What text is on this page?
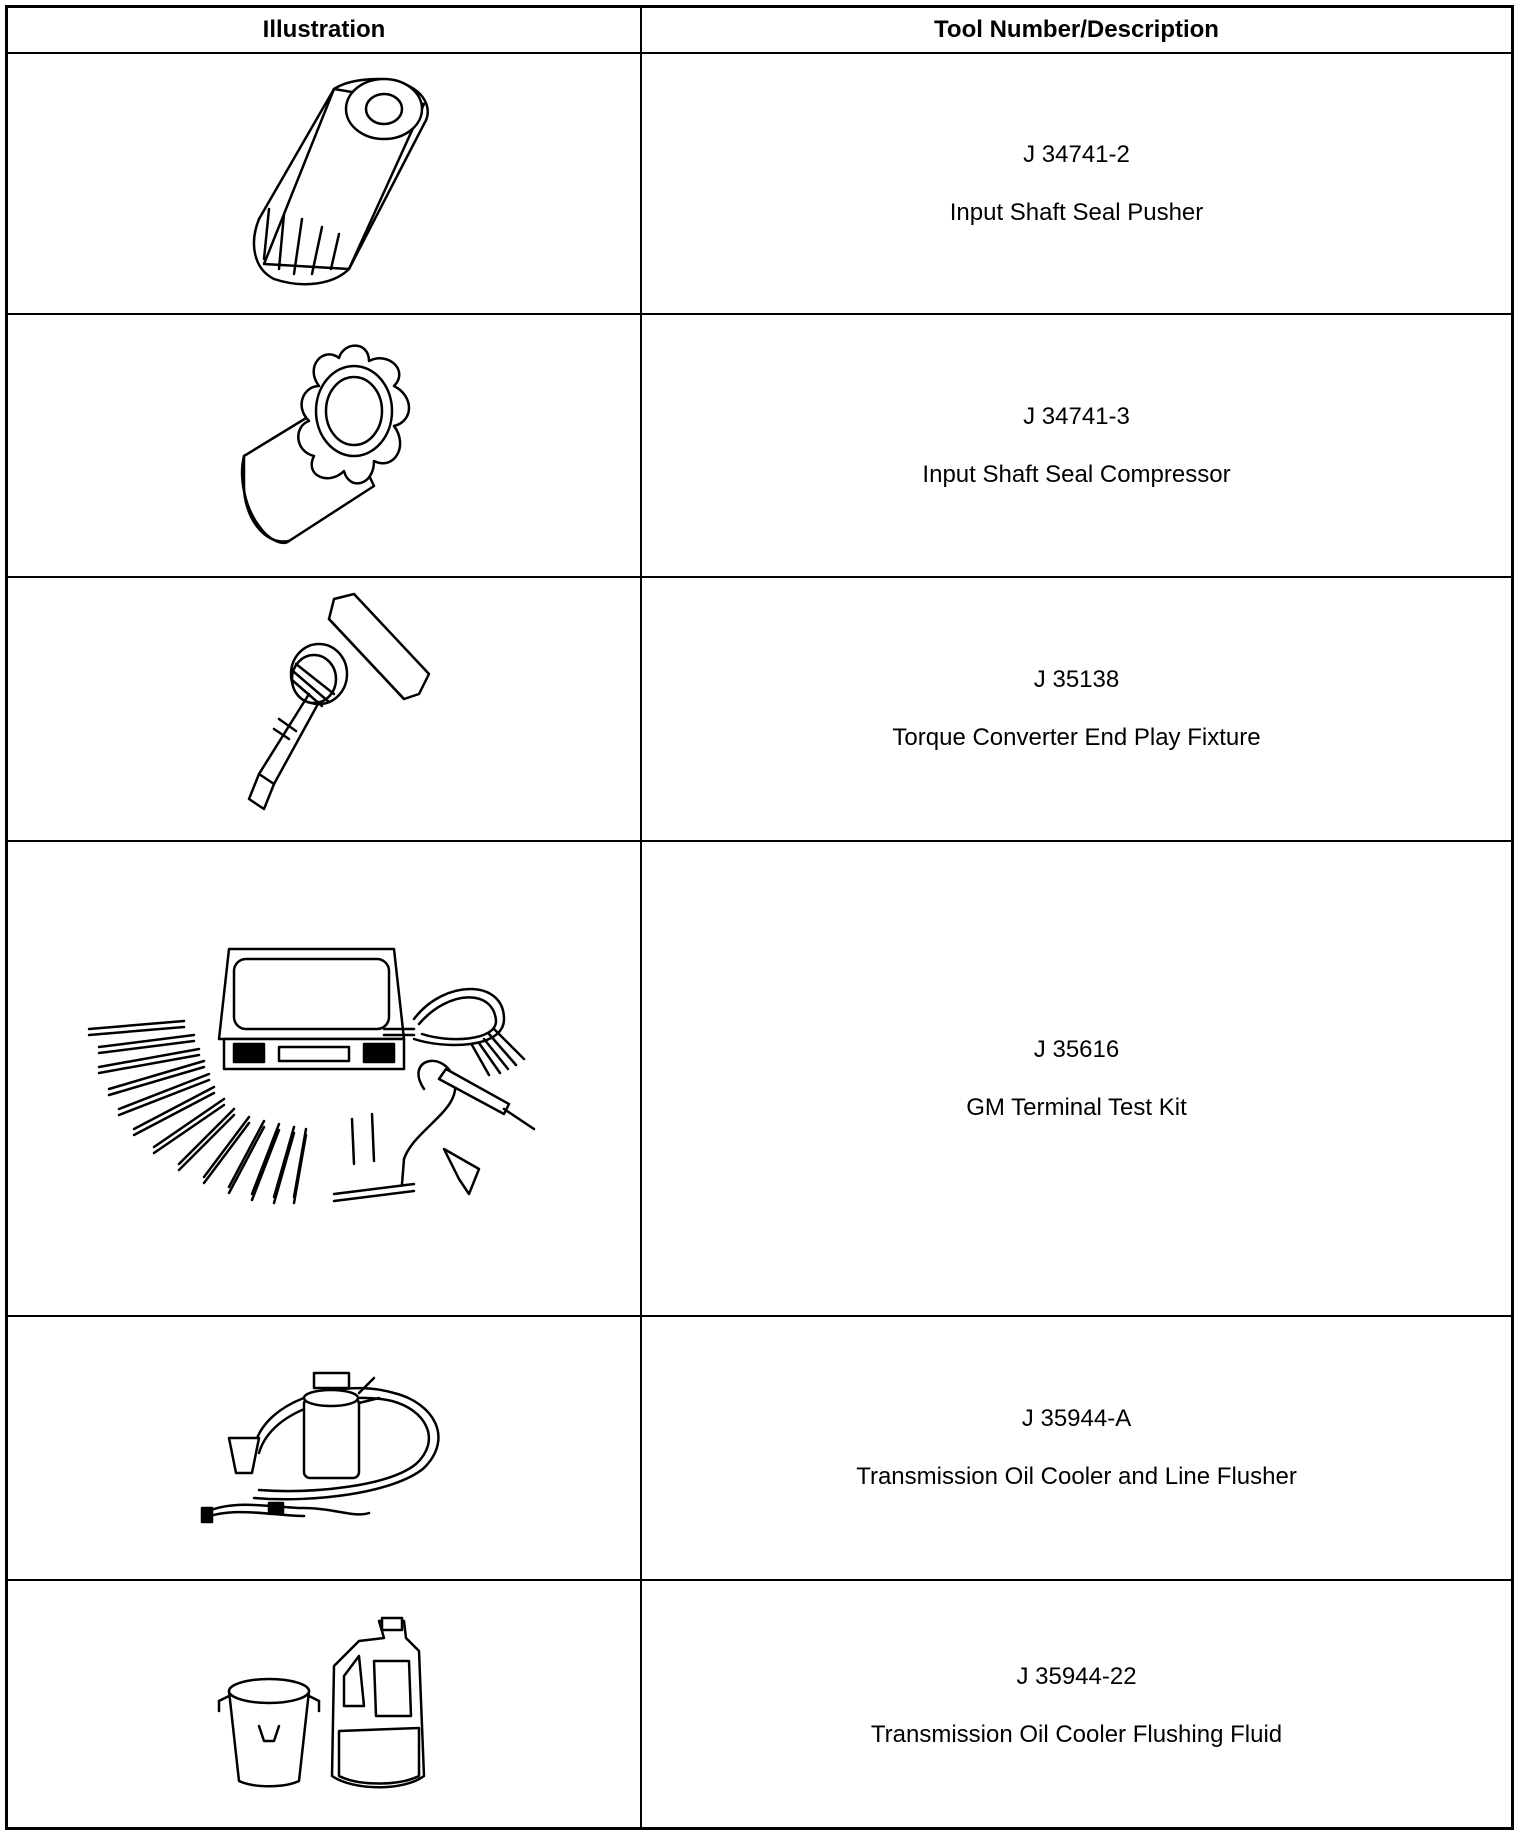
Illustration	Tool Number/Description
J 34741-2
Input Shaft Seal Pusher
J 34741-3
Input Shaft Seal Compressor
J 35138
Torque Converter End Play Fixture
J 35616
GM Terminal Test Kit
J 35944-A
Transmission Oil Cooler and Line Flusher
J 35944-22
Transmission Oil Cooler Flushing Fluid
